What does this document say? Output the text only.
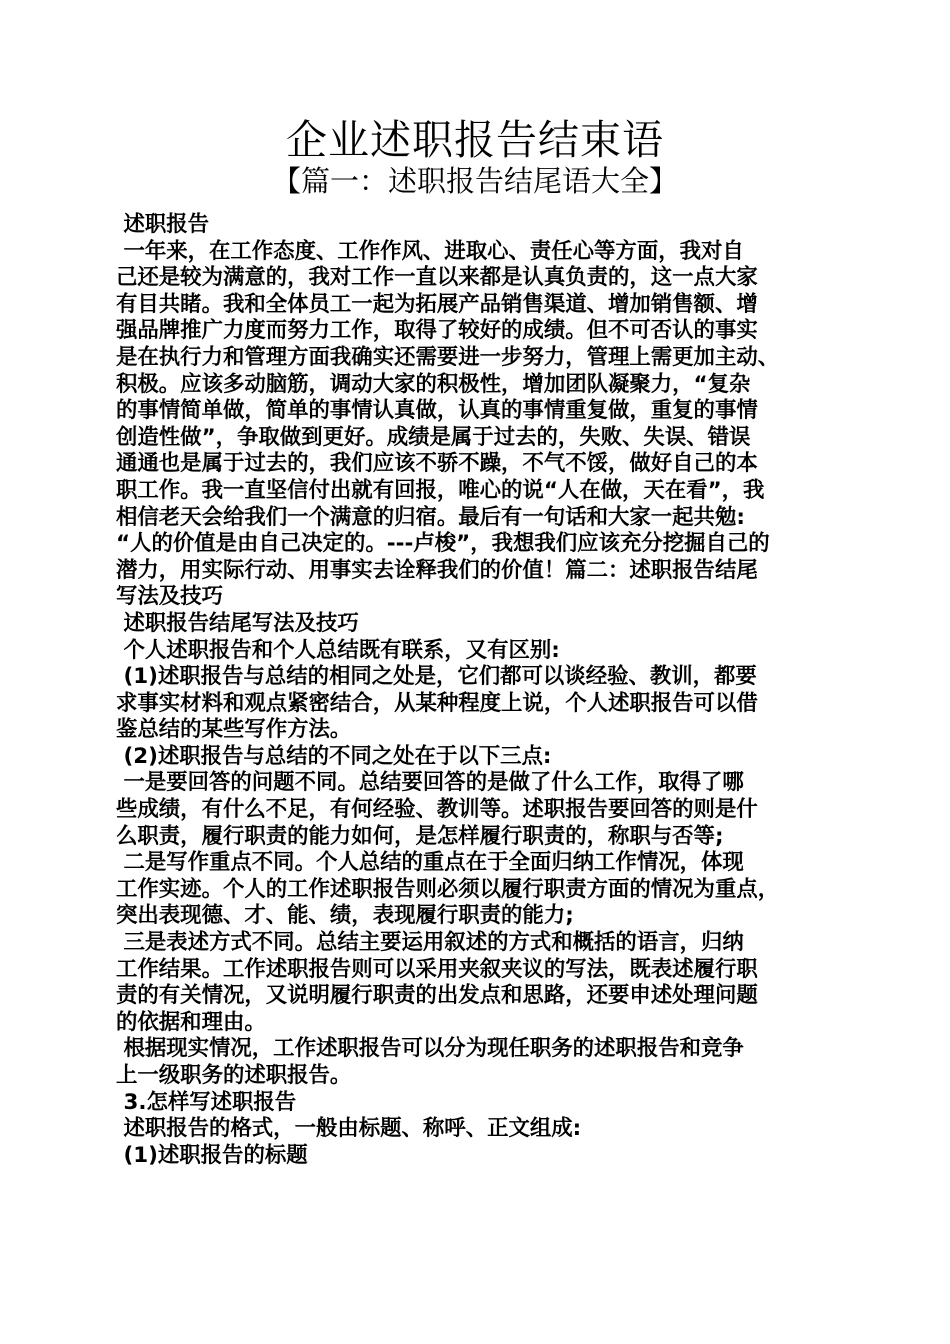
企业述职报告结束语
【篇一：述职报告结尾语大全】
述职报告
一年来，在工作态度、工作作风、进取心、责任心等方面，我对自
己还是较为满意的，我对工作一直以来都是认真负责的，这一点大家
有目共睹。我和全体员工一起为拓展产品销售渠道、增加销售额、增
强品牌推广力度而努力工作，取得了较好的成绩。但不可否认的事实
是在执行力和管理方面我确实还需要进一步努力，管理上需更加主动、
积极。应该多动脑筋，调动大家的积极性，增加团队凝聚力，“复杂
的事情简单做，简单的事情认真做，认真的事情重复做，重复的事情
创造性做”，争取做到更好。成绩是属于过去的，失败、失误、错误
通通也是属于过去的，我们应该不骄不躁，不气不馁，做好自己的本
职工作。我一直坚信付出就有回报，唯心的说“人在做，天在看”，我
相信老天会给我们一个满意的归宿。最后有一句话和大家一起共勉:
“人的价值是由自己决定的。---卢梭”，我想我们应该充分挖掘自己的
潜力，用实际行动、用事实去诠释我们的价值！篇二：述职报告结尾
写法及技巧
述职报告结尾写法及技巧
个人述职报告和个人总结既有联系，又有区别:
(1)述职报告与总结的相同之处是，它们都可以谈经验、教训，都要
求事实材料和观点紧密结合，从某种程度上说，个人述职报告可以借
鉴总结的某些写作方法。
(2)述职报告与总结的不同之处在于以下三点:
一是要回答的问题不同。总结要回答的是做了什么工作，取得了哪
些成绩，有什么不足，有何经验、教训等。述职报告要回答的则是什
么职责，履行职责的能力如何，是怎样履行职责的，称职与否等;
二是写作重点不同。个人总结的重点在于全面归纳工作情况，体现
工作实迹。个人的工作述职报告则必须以履行职责方面的情况为重点，
突出表现德、才、能、绩，表现履行职责的能力;
三是表述方式不同。总结主要运用叙述的方式和概括的语言，归纳
工作结果。工作述职报告则可以采用夹叙夹议的写法，既表述履行职
责的有关情况，又说明履行职责的出发点和思路，还要申述处理问题
的依据和理由。
根据现实情况，工作述职报告可以分为现任职务的述职报告和竞争
上一级职务的述职报告。
3.怎样写述职报告
述职报告的格式，一般由标题、称呼、正文组成:
(1)述职报告的标题
